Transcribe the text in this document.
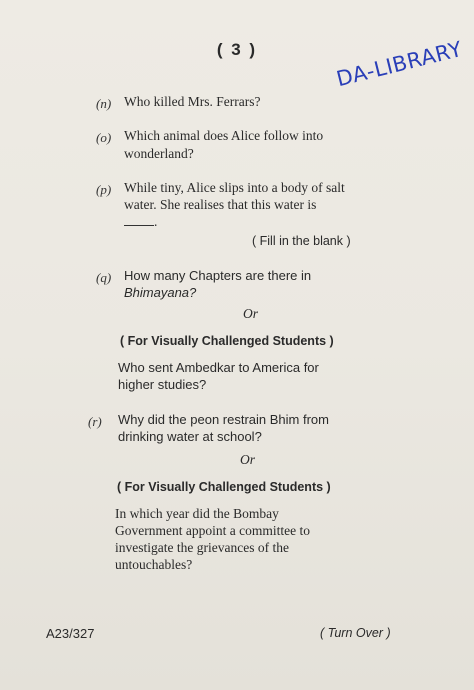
( 3 )	DA-LIBRARY
(n) Who killed Mrs. Ferrars?
(o) Which animal does Alice follow into
wonderland?
(p) While tiny, Alice slips into a body of salt
water. She realises that this water is
.
( Fill in the blank )
(q) How many Chapters are there in
Bhimayana?
Or
( For Visually Challenged Students )
Who sent Ambedkar to America for
higher studies?
(r) Why did the peon restrain Bhim from
drinking water at school?
Or
( For Visually Challenged Students )
In which year did the Bombay
Government appoint a committee to
investigate the grievances of the
untouchables?
A23/327	( Turn Over )
